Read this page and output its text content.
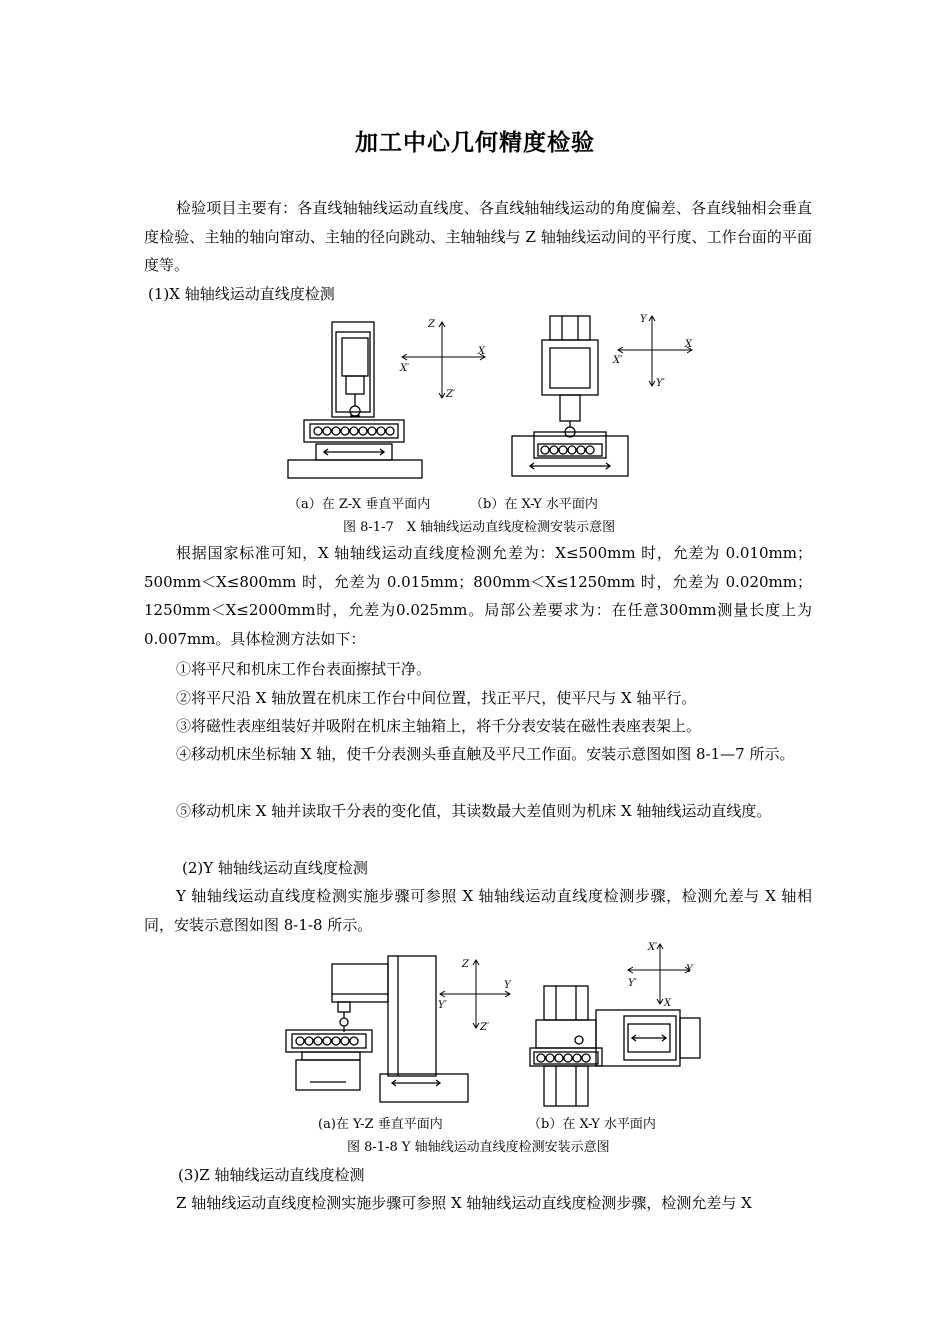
加工中心几何精度检验

检验项目主要有：各直线轴轴线运动直线度、各直线轴轴线运动的角度偏差、各直线轴相会垂直度检验、主轴的轴向窜动、主轴的径向跳动、主轴轴线与 Z 轴轴线运动间的平行度、工作台面的平面度等。

(1)X 轴轴线运动直线度检测

Z
X
X′
Z′
Y
X
X′
Y′

（a）在 Z-X 垂直平面内	（b）在 X-Y 水平面内

图 8-1-7　X 轴轴线运动直线度检测安装示意图

根据国家标准可知，X 轴轴线运动直线度检测允差为：X≤500mm 时，允差为 0.010mm；500mm＜X≤800mm 时，允差为 0.015mm；800mm＜X≤1250mm 时，允差为 0.020mm；1250mm＜X≤2000mm时，允差为0.025mm。局部公差要求为：在任意300mm测量长度上为0.007mm。具体检测方法如下：

①将平尺和机床工作台表面擦拭干净。

②将平尺沿 X 轴放置在机床工作台中间位置，找正平尺，使平尺与 X 轴平行。

③将磁性表座组装好并吸附在机床主轴箱上，将千分表安装在磁性表座表架上。

④移动机床坐标轴 X 轴，使千分表测头垂直触及平尺工作面。安装示意图如图 8-1—7 所示。

⑤移动机床 X 轴并读取千分表的变化值，其读数最大差值则为机床 X 轴轴线运动直线度。

(2)Y 轴轴线运动直线度检测

Y 轴轴线运动直线度检测实施步骤可参照 X 轴轴线运动直线度检测步骤，检测允差与 X 轴相同，安装示意图如图 8-1-8 所示。

Z
Y
Y′
Z′
X′
Y
Y′
X

(a)在 Y-Z 垂直平面内	（b）在 X-Y 水平面内

图 8-1-8 Y 轴轴线运动直线度检测安装示意图

(3)Z 轴轴线运动直线度检测

Z 轴轴线运动直线度检测实施步骤可参照 X 轴轴线运动直线度检测步骤，检测允差与 X
